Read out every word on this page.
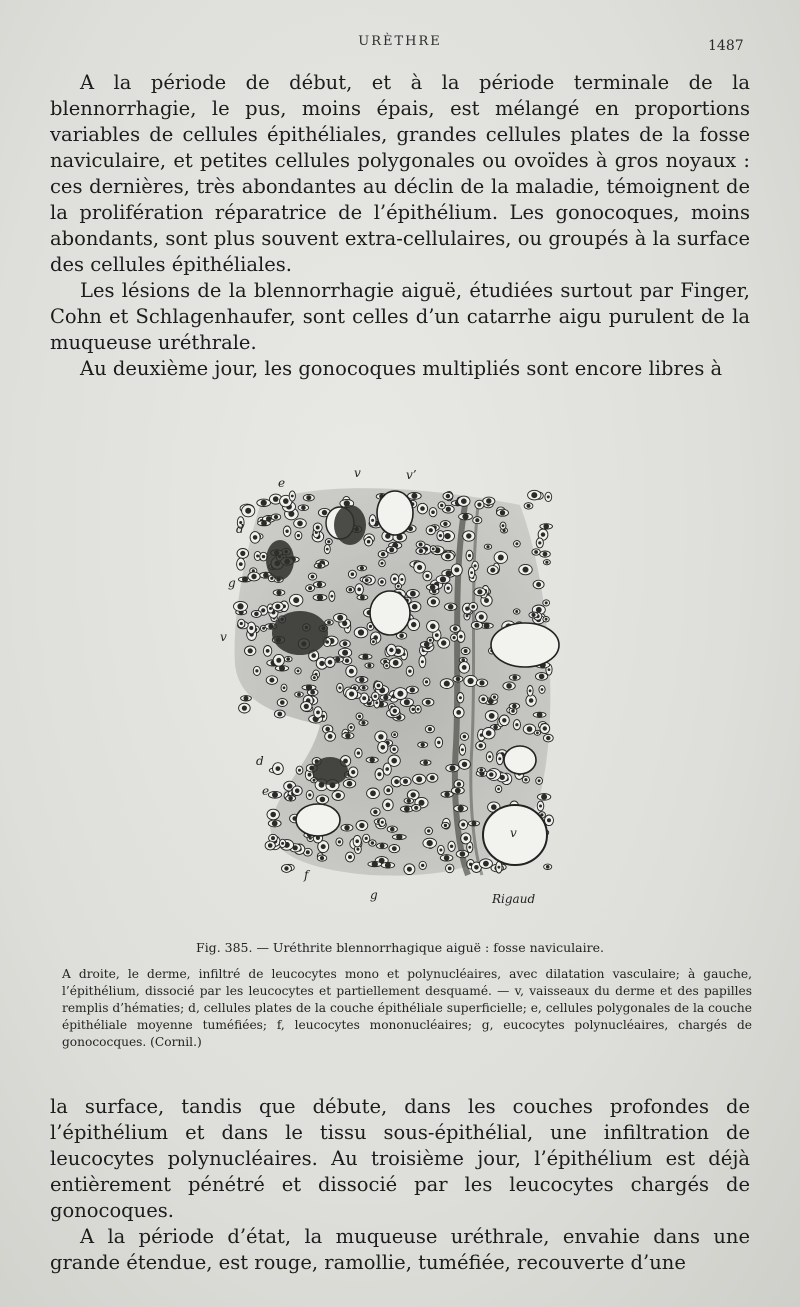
URÈTHRE	1487

A la période de début, et à la période terminale de la blennorrhagie, le pus, moins épais, est mélangé en proportions variables de cellules épithéliales, grandes cellules plates de la fosse naviculaire, et petites cellules polygonales ou ovoïdes à gros noyaux : ces dernières, très abondantes au déclin de la maladie, témoignent de la prolifération réparatrice de l’épithélium. Les gonocoques, moins abondants, sont plus souvent extra-cellulaires, ou groupés à la surface des cellules épithéliales.

Les lésions de la blennorrhagie aiguë, étudiées surtout par Finger, Cohn et Schlagenhaufer, sont celles d’un catarrhe aigu purulent de la muqueuse uréthrale.

Au deuxième jour, les gonocoques multipliés sont encore libres à

e
v	v’
d
g
v
d
e
v
f
g	Rigaud
Fig. 385. — Uréthrite blennorrhagique aiguë : fosse naviculaire.
A droite, le derme, infiltré de leucocytes mono et polynucléaires, avec dilatation vasculaire; à gauche, l’épithélium, dissocié par les leucocytes et partiellement desquamé. — v, vaisseaux du derme et des papilles remplis d’hématies; d, cellules plates de la couche épithéliale superficielle; e, cellules polygonales de la couche épithéliale moyenne tuméfiées; f, leucocytes mononucléaires; g, eucocytes polynucléaires, chargés de gonococques. (Cornil.)

la surface, tandis que débute, dans les couches profondes de l’épithélium et dans le tissu sous-épithélial, une infiltration de leucocytes polynucléaires. Au troisième jour, l’épithélium est déjà entièrement pénétré et dissocié par les leucocytes chargés de gonocoques.

A la période d’état, la muqueuse uréthrale, envahie dans une grande étendue, est rouge, ramollie, tuméfiée, recouverte d’une
